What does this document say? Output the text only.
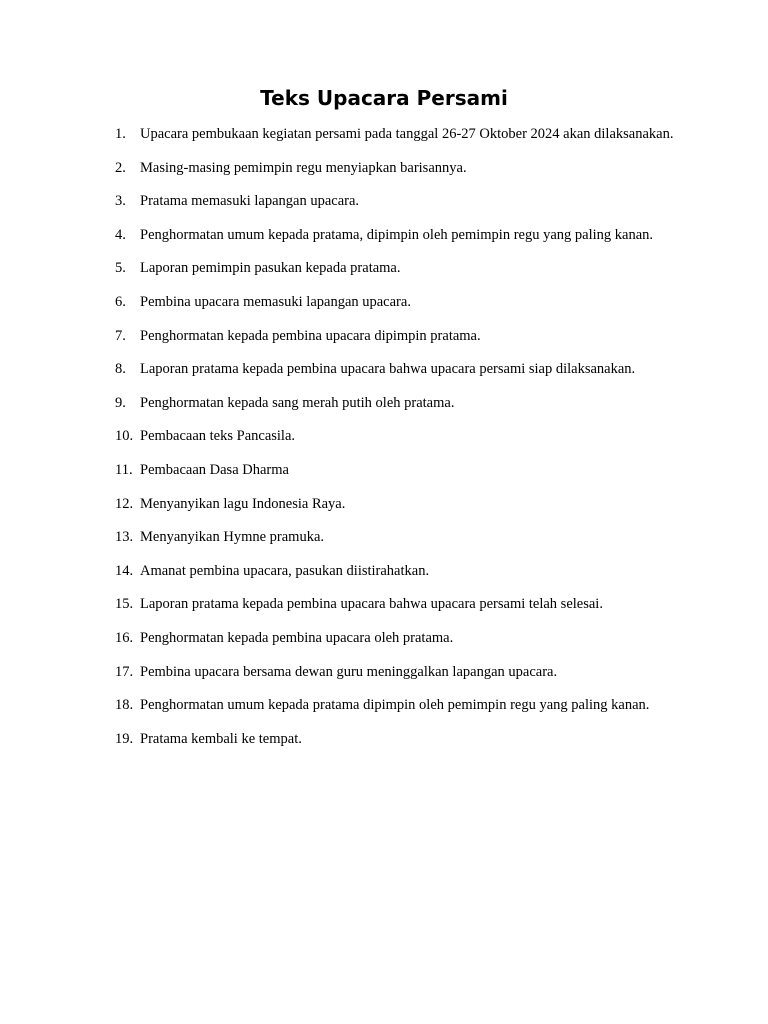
Teks Upacara Persami
1. Upacara pembukaan kegiatan persami pada tanggal 26-27 Oktober 2024 akan dilaksanakan.
2. Masing-masing pemimpin regu menyiapkan barisannya.
3. Pratama memasuki lapangan upacara.
4. Penghormatan umum kepada pratama, dipimpin oleh pemimpin regu yang paling kanan.
5. Laporan pemimpin pasukan kepada pratama.
6. Pembina upacara memasuki lapangan upacara.
7. Penghormatan kepada pembina upacara dipimpin pratama.
8. Laporan pratama kepada pembina upacara bahwa upacara persami siap dilaksanakan.
9. Penghormatan kepada sang merah putih oleh pratama.
10. Pembacaan teks Pancasila.
11. Pembacaan Dasa Dharma
12. Menyanyikan lagu Indonesia Raya.
13. Menyanyikan Hymne pramuka.
14. Amanat pembina upacara, pasukan diistirahatkan.
15. Laporan pratama kepada pembina upacara bahwa upacara persami telah selesai.
16. Penghormatan kepada pembina upacara oleh pratama.
17. Pembina upacara bersama dewan guru meninggalkan lapangan upacara.
18. Penghormatan umum kepada pratama dipimpin oleh pemimpin regu yang paling kanan.
19. Pratama kembali ke tempat.
